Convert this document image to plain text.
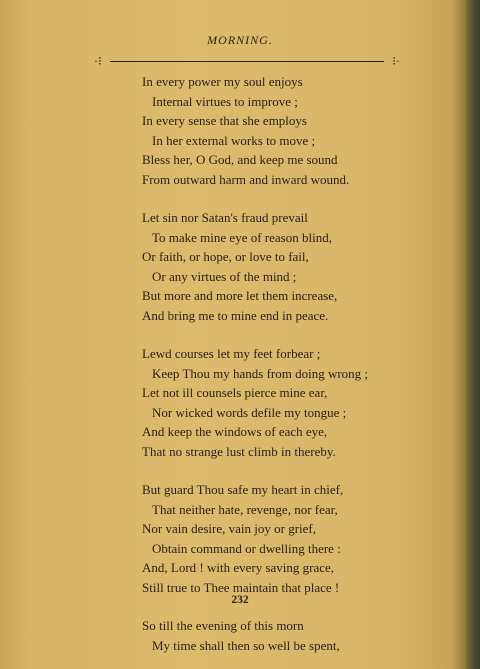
MORNING.
·⁝	⁝·
In every power my soul enjoys
Internal virtues to improve ;
In every sense that she employs
In her external works to move ;
Bless her, O God, and keep me sound
From outward harm and inward wound.
Let sin nor Satan's fraud prevail
To make mine eye of reason blind,
Or faith, or hope, or love to fail,
Or any virtues of the mind ;
But more and more let them increase,
And bring me to mine end in peace.
Lewd courses let my feet forbear ;
Keep Thou my hands from doing wrong ;
Let not ill counsels pierce mine ear,
Nor wicked words defile my tongue ;
And keep the windows of each eye,
That no strange lust climb in thereby.
But guard Thou safe my heart in chief,
That neither hate, revenge, nor fear,
Nor vain desire, vain joy or grief,
Obtain command or dwelling there :
And, Lord ! with every saving grace,
Still true to Thee maintain that place !
So till the evening of this morn
My time shall then so well be spent,
232
